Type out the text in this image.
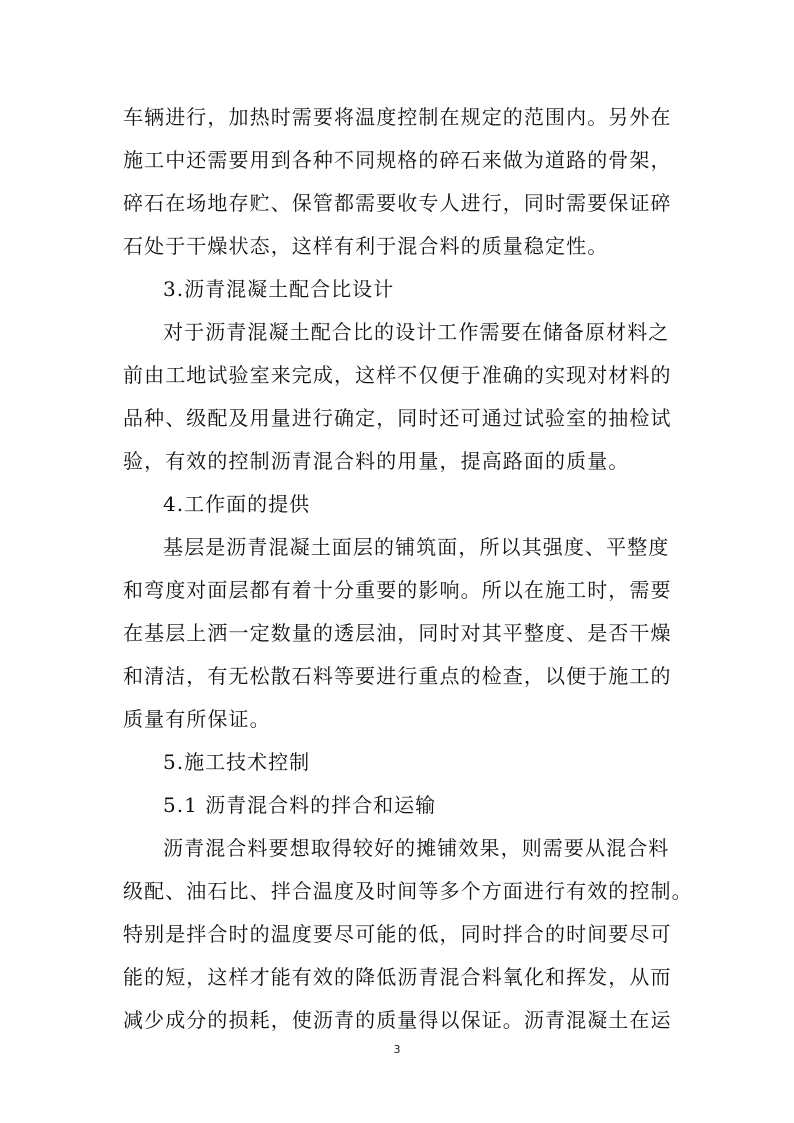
车辆进行，加热时需要将温度控制在规定的范围内。另外在
施工中还需要用到各种不同规格的碎石来做为道路的骨架，
碎石在场地存贮、保管都需要收专人进行，同时需要保证碎
石处于干燥状态，这样有利于混合料的质量稳定性。
3.沥青混凝土配合比设计
对于沥青混凝土配合比的设计工作需要在储备原材料之
前由工地试验室来完成，这样不仅便于准确的实现对材料的
品种、级配及用量进行确定，同时还可通过试验室的抽检试
验，有效的控制沥青混合料的用量，提高路面的质量。
4.工作面的提供
基层是沥青混凝土面层的铺筑面，所以其强度、平整度
和弯度对面层都有着十分重要的影响。所以在施工时，需要
在基层上洒一定数量的透层油，同时对其平整度、是否干燥
和清洁，有无松散石料等要进行重点的检查，以便于施工的
质量有所保证。
5.施工技术控制
5.1 沥青混合料的拌合和运输
沥青混合料要想取得较好的摊铺效果，则需要从混合料
级配、油石比、拌合温度及时间等多个方面进行有效的控制。
特别是拌合时的温度要尽可能的低，同时拌合的时间要尽可
能的短，这样才能有效的降低沥青混合料氧化和挥发，从而
减少成分的损耗，使沥青的质量得以保证。沥青混凝土在运
3
